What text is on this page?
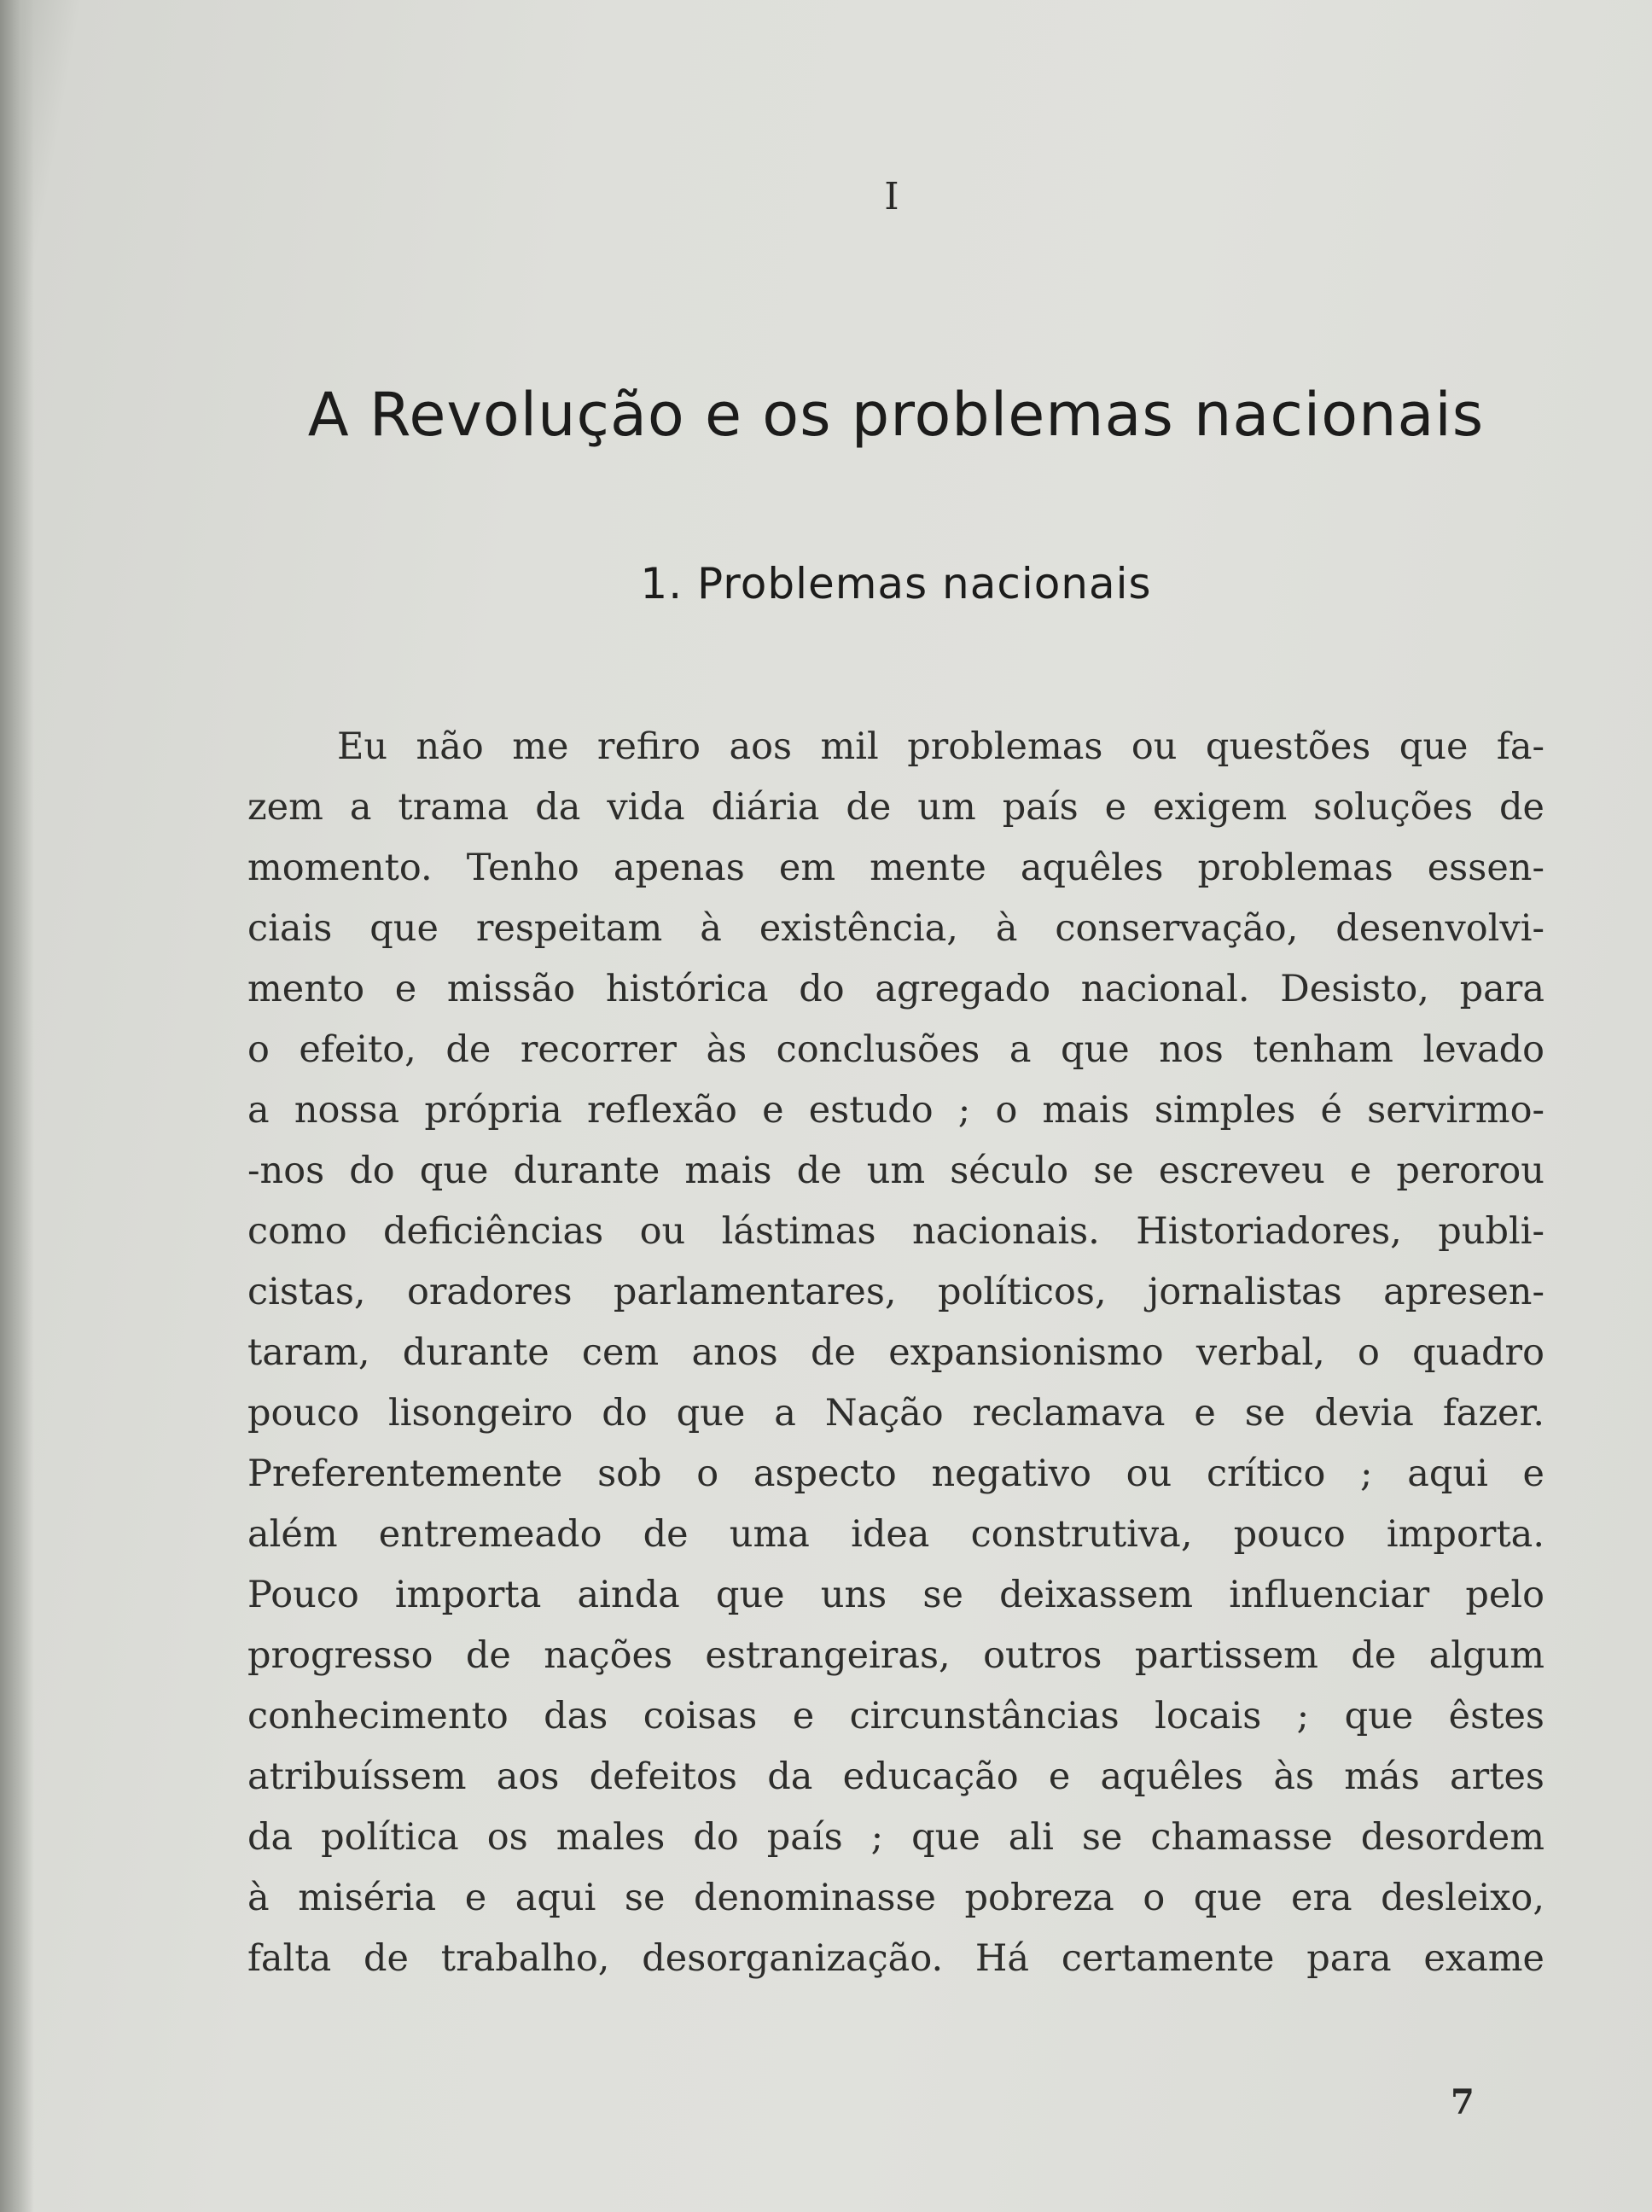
I
A Revolução e os problemas nacionais
1. Problemas nacionais
Eu não me refiro aos mil problemas ou questões que fa-
zem a trama da vida diária de um país e exigem soluções de
momento. Tenho apenas em mente aquêles problemas essen-
ciais que respeitam à existência, à conservação, desenvolvi-
mento e missão histórica do agregado nacional. Desisto, para
o efeito, de recorrer às conclusões a que nos tenham levado
a nossa própria reflexão e estudo ; o mais simples é servirmo-
-nos do que durante mais de um século se escreveu e perorou
como deficiências ou lástimas nacionais. Historiadores, publi-
cistas, oradores parlamentares, políticos, jornalistas apresen-
taram, durante cem anos de expansionismo verbal, o quadro
pouco lisongeiro do que a Nação reclamava e se devia fazer.
Preferentemente sob o aspecto negativo ou crítico ; aqui e
além entremeado de uma idea construtiva, pouco importa.
Pouco importa ainda que uns se deixassem influenciar pelo
progresso de nações estrangeiras, outros partissem de algum
conhecimento das coisas e circunstâncias locais ; que êstes
atribuíssem aos defeitos da educação e aquêles às más artes
da política os males do país ; que ali se chamasse desordem
à miséria e aqui se denominasse pobreza o que era desleixo,
falta de trabalho, desorganização. Há certamente para exame
7
